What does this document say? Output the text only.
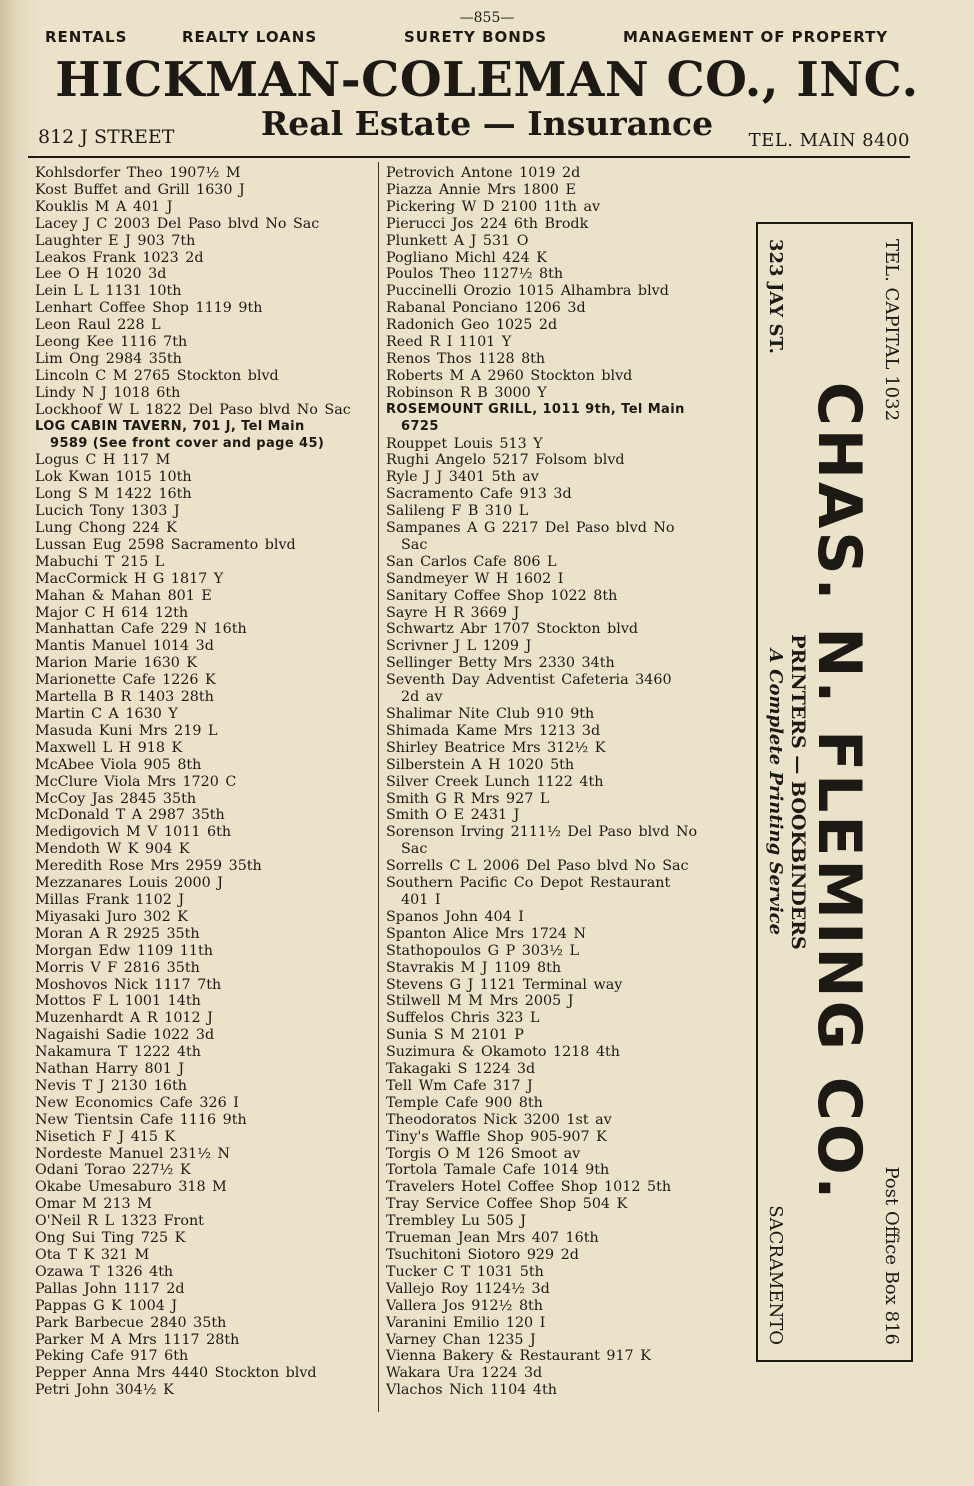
—855—
RENTALS	REALTY LOANS	SURETY BONDS	MANAGEMENT OF PROPERTY
HICKMAN-COLEMAN CO., INC.
Real Estate — Insurance
812 J STREET	TEL. MAIN 8400
Kohlsdorfer Theo 1907½ M
Kost Buffet and Grill 1630 J
Kouklis M A 401 J
Lacey J C 2003 Del Paso blvd No Sac
Laughter E J 903 7th
Leakos Frank 1023 2d
Lee O H 1020 3d
Lein L L 1131 10th
Lenhart Coffee Shop 1119 9th
Leon Raul 228 L
Leong Kee 1116 7th
Lim Ong 2984 35th
Lincoln C M 2765 Stockton blvd
Lindy N J 1018 6th
Lockhoof W L 1822 Del Paso blvd No Sac
LOG CABIN TAVERN, 701 J, Tel Main
9589 (See front cover and page 45)
Logus C H 117 M
Lok Kwan 1015 10th
Long S M 1422 16th
Lucich Tony 1303 J
Lung Chong 224 K
Lussan Eug 2598 Sacramento blvd
Mabuchi T 215 L
MacCormick H G 1817 Y
Mahan & Mahan 801 E
Major C H 614 12th
Manhattan Cafe 229 N 16th
Mantis Manuel 1014 3d
Marion Marie 1630 K
Marionette Cafe 1226 K
Martella B R 1403 28th
Martin C A 1630 Y
Masuda Kuni Mrs 219 L
Maxwell L H 918 K
McAbee Viola 905 8th
McClure Viola Mrs 1720 C
McCoy Jas 2845 35th
McDonald T A 2987 35th
Medigovich M V 1011 6th
Mendoth W K 904 K
Meredith Rose Mrs 2959 35th
Mezzanares Louis 2000 J
Millas Frank 1102 J
Miyasaki Juro 302 K
Moran A R 2925 35th
Morgan Edw 1109 11th
Morris V F 2816 35th
Moshovos Nick 1117 7th
Mottos F L 1001 14th
Muzenhardt A R 1012 J
Nagaishi Sadie 1022 3d
Nakamura T 1222 4th
Nathan Harry 801 J
Nevis T J 2130 16th
New Economics Cafe 326 I
New Tientsin Cafe 1116 9th
Nisetich F J 415 K
Nordeste Manuel 231½ N
Odani Torao 227½ K
Okabe Umesaburo 318 M
Omar M 213 M
O'Neil R L 1323 Front
Ong Sui Ting 725 K
Ota T K 321 M
Ozawa T 1326 4th
Pallas John 1117 2d
Pappas G K 1004 J
Park Barbecue 2840 35th
Parker M A Mrs 1117 28th
Peking Cafe 917 6th
Pepper Anna Mrs 4440 Stockton blvd
Petri John 304½ K
Petrovich Antone 1019 2d
Piazza Annie Mrs 1800 E
Pickering W D 2100 11th av
Pierucci Jos 224 6th Brodk
Plunkett A J 531 O
Pogliano Michl 424 K
Poulos Theo 1127½ 8th
Puccinelli Orozio 1015 Alhambra blvd
Rabanal Ponciano 1206 3d
Radonich Geo 1025 2d
Reed R I 1101 Y
Renos Thos 1128 8th
Roberts M A 2960 Stockton blvd
Robinson R B 3000 Y
ROSEMOUNT GRILL, 1011 9th, Tel Main
6725
Rouppet Louis 513 Y
Rughi Angelo 5217 Folsom blvd
Ryle J J 3401 5th av
Sacramento Cafe 913 3d
Salileng F B 310 L
Sampanes A G 2217 Del Paso blvd No
Sac
San Carlos Cafe 806 L
Sandmeyer W H 1602 I
Sanitary Coffee Shop 1022 8th
Sayre H R 3669 J
Schwartz Abr 1707 Stockton blvd
Scrivner J L 1209 J
Sellinger Betty Mrs 2330 34th
Seventh Day Adventist Cafeteria 3460
2d av
Shalimar Nite Club 910 9th
Shimada Kame Mrs 1213 3d
Shirley Beatrice Mrs 312½ K
Silberstein A H 1020 5th
Silver Creek Lunch 1122 4th
Smith G R Mrs 927 L
Smith O E 2431 J
Sorenson Irving 2111½ Del Paso blvd No
Sac
Sorrells C L 2006 Del Paso blvd No Sac
Southern Pacific Co Depot Restaurant
401 I
Spanos John 404 I
Spanton Alice Mrs 1724 N
Stathopoulos G P 303½ L
Stavrakis M J 1109 8th
Stevens G J 1121 Terminal way
Stilwell M M Mrs 2005 J
Suffelos Chris 323 L
Sunia S M 2101 P
Suzimura & Okamoto 1218 4th
Takagaki S 1224 3d
Tell Wm Cafe 317 J
Temple Cafe 900 8th
Theodoratos Nick 3200 1st av
Tiny's Waffle Shop 905-907 K
Torgis O M 126 Smoot av
Tortola Tamale Cafe 1014 9th
Travelers Hotel Coffee Shop 1012 5th
Tray Service Coffee Shop 504 K
Trembley Lu 505 J
Trueman Jean Mrs 407 16th
Tsuchitoni Siotoro 929 2d
Tucker C T 1031 5th
Vallejo Roy 1124½ 3d
Vallera Jos 912½ 8th
Varanini Emilio 120 I
Varney Chan 1235 J
Vienna Bakery & Restaurant 917 K
Wakara Ura 1224 3d
Vlachos Nich 1104 4th
TEL. CAPITAL 1032
Post Office Box 816
CHAS. N. FLEMING CO.
PRINTERS — BOOKBINDERS
323 JAY ST.
A Complete Printing Service
SACRAMENTO
